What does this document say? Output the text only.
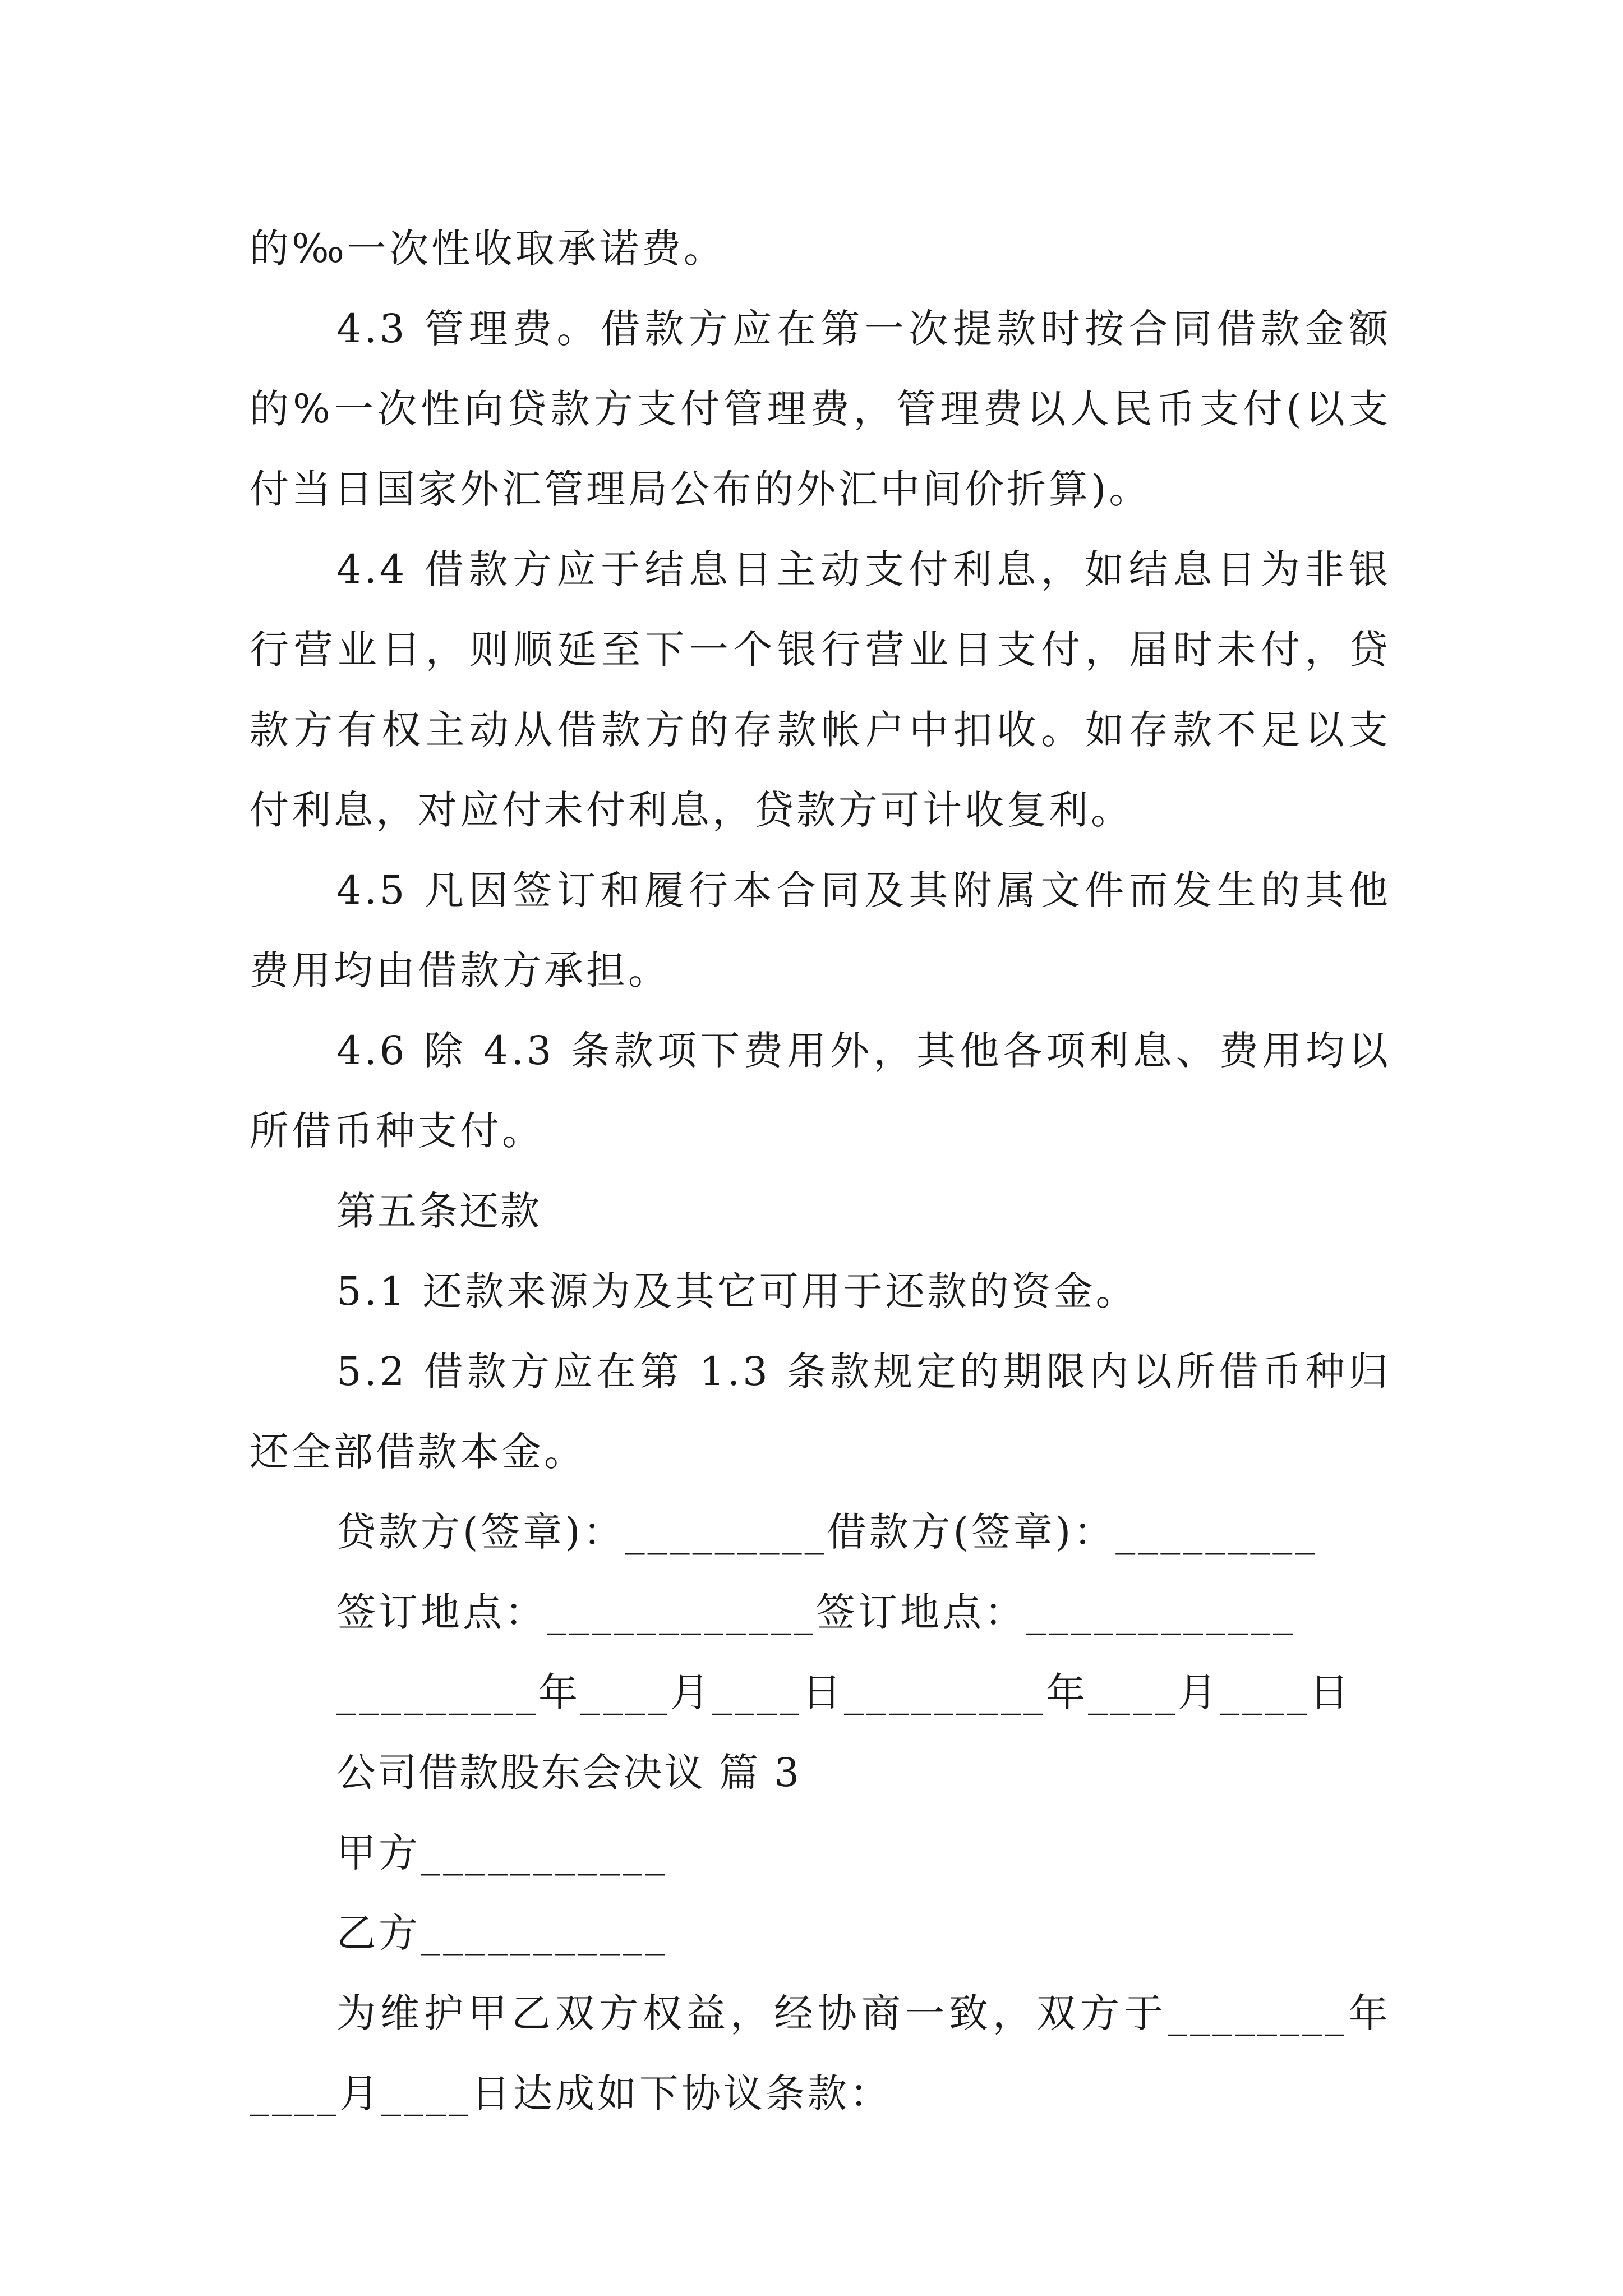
的‰一次性收取承诺费。
4.3 管理费。借款方应在第一次提款时按合同借款金额
的%一次性向贷款方支付管理费，管理费以人民币支付(以支
付当日国家外汇管理局公布的外汇中间价折算)。
4.4 借款方应于结息日主动支付利息，如结息日为非银
行营业日，则顺延至下一个银行营业日支付，届时未付，贷
款方有权主动从借款方的存款帐户中扣收。如存款不足以支
付利息，对应付未付利息，贷款方可计收复利。
4.5 凡因签订和履行本合同及其附属文件而发生的其他
费用均由借款方承担。
4.6 除 4.3 条款项下费用外，其他各项利息、费用均以
所借币种支付。
第五条还款
5.1 还款来源为及其它可用于还款的资金。
5.2 借款方应在第 1.3 条款规定的期限内以所借币种归
还全部借款本金。
贷款方(签章)：_________借款方(签章)：_________
签订地点：____________签订地点：____________
_________年____月____日_________年____月____日
公司借款股东会决议 篇 3
甲方___________
乙方___________
为维护甲乙双方权益，经协商一致，双方于________年
____月____日达成如下协议条款：
